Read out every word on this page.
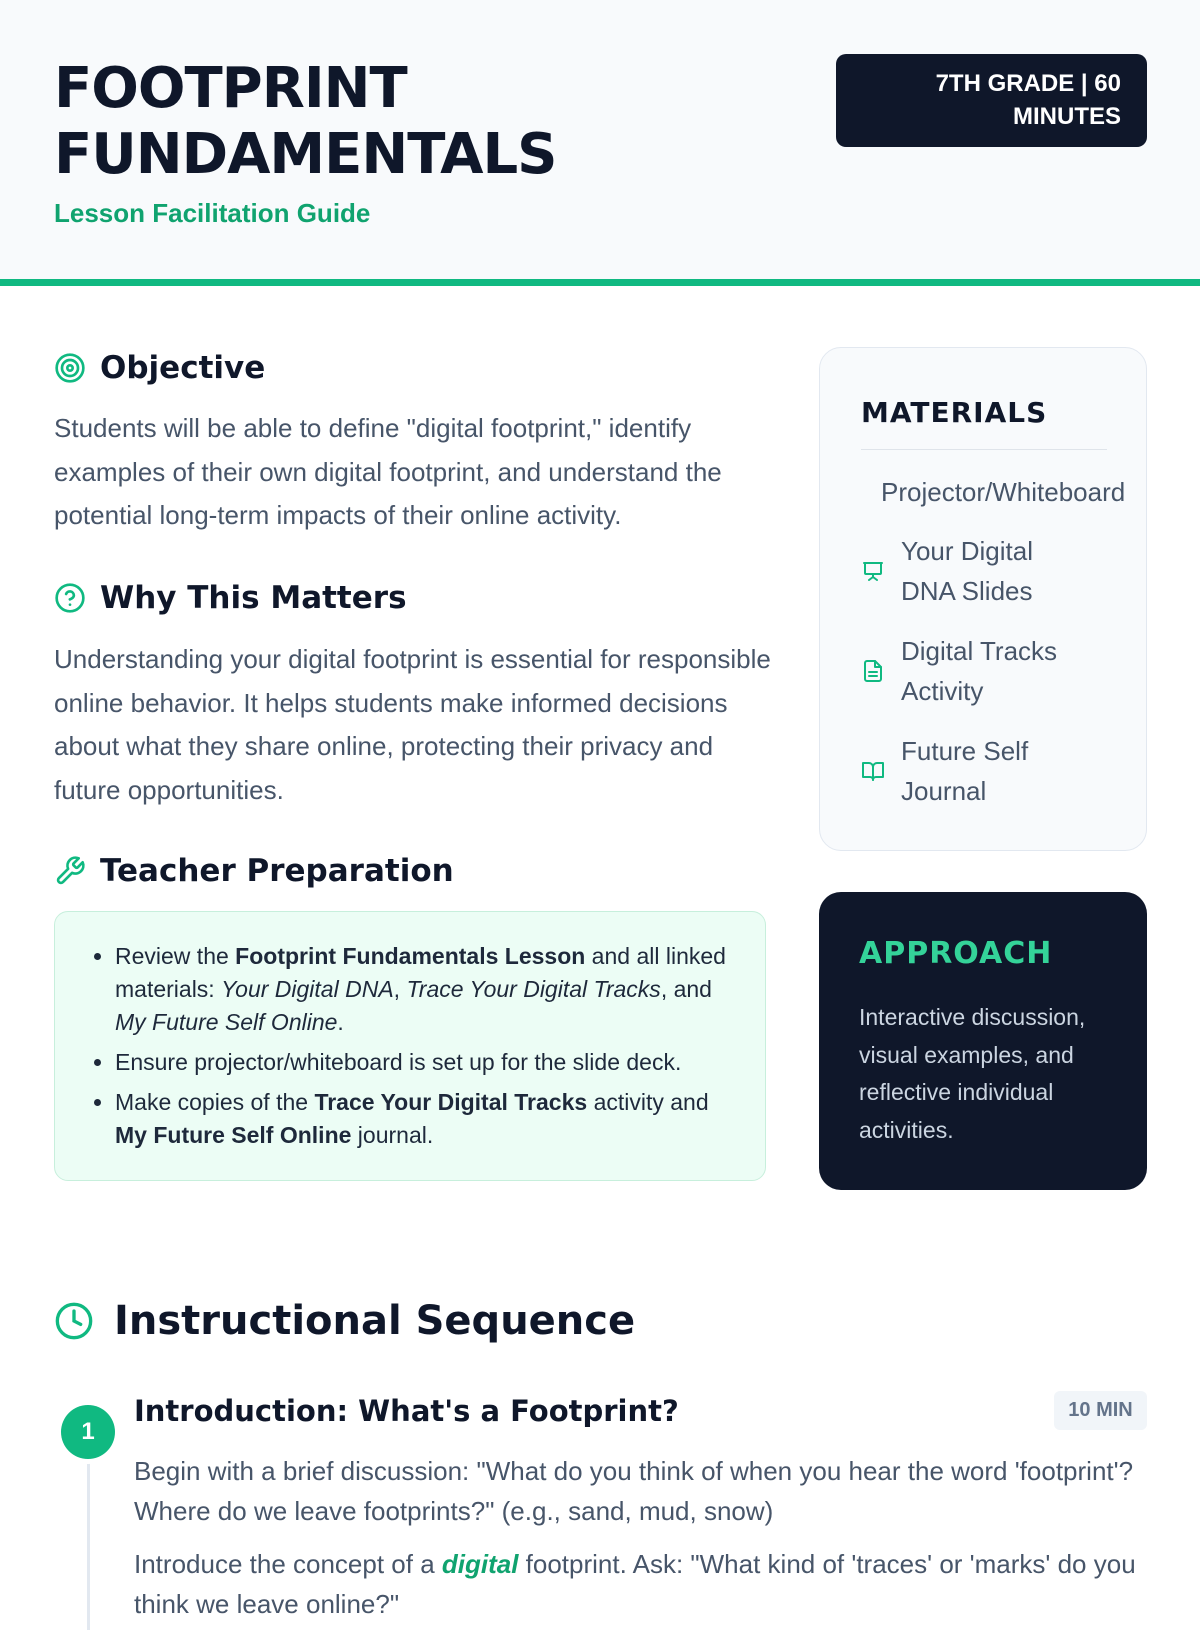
FOOTPRINT
FUNDAMENTALS
Lesson Facilitation Guide
7TH GRADE | 60
MINUTES
Objective

Students will be able to define "digital footprint," identify examples of their own digital footprint, and understand the potential long-term impacts of their online activity.

Why This Matters

Understanding your digital footprint is essential for responsible online behavior. It helps students make informed decisions about what they share online, protecting their privacy and future opportunities.

Teacher Preparation
• Review the Footprint Fundamentals Lesson and all linked materials: Your Digital DNA, Trace Your Digital Tracks, and My Future Self Online.
• Ensure projector/whiteboard is set up for the slide deck.
• Make copies of the Trace Your Digital Tracks activity and My Future Self Online journal.
MATERIALS
Projector/Whiteboard
Your Digital DNA Slides
Digital Tracks Activity
Future Self Journal
APPROACH
Interactive discussion, visual examples, and reflective individual activities.
Instructional Sequence
1
Introduction: What's a Footprint?	10 MIN

Begin with a brief discussion: "What do you think of when you hear the word 'footprint'? Where do we leave footprints?" (e.g., sand, mud, snow)

Introduce the concept of a digital footprint. Ask: "What kind of 'traces' or 'marks' do you think we leave online?"
